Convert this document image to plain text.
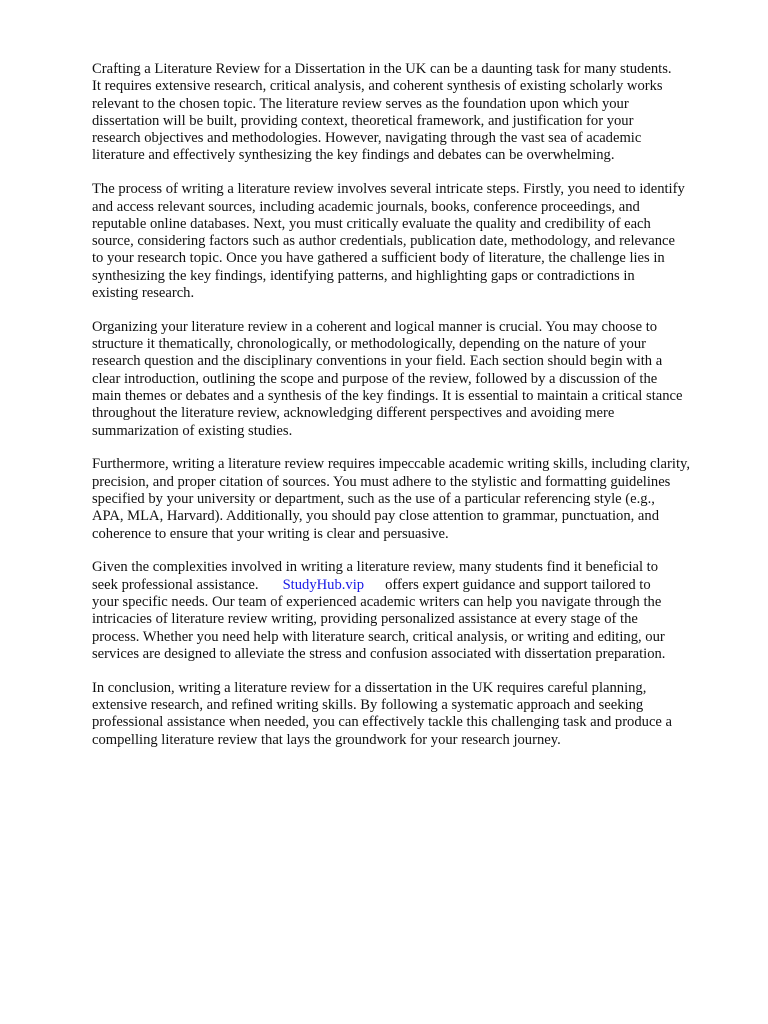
Crafting a Literature Review for a Dissertation in the UK can be a daunting task for many students.
It requires extensive research, critical analysis, and coherent synthesis of existing scholarly works
relevant to the chosen topic. The literature review serves as the foundation upon which your
dissertation will be built, providing context, theoretical framework, and justification for your
research objectives and methodologies. However, navigating through the vast sea of academic
literature and effectively synthesizing the key findings and debates can be overwhelming.

The process of writing a literature review involves several intricate steps. Firstly, you need to identify
and access relevant sources, including academic journals, books, conference proceedings, and
reputable online databases. Next, you must critically evaluate the quality and credibility of each
source, considering factors such as author credentials, publication date, methodology, and relevance
to your research topic. Once you have gathered a sufficient body of literature, the challenge lies in
synthesizing the key findings, identifying patterns, and highlighting gaps or contradictions in
existing research.

Organizing your literature review in a coherent and logical manner is crucial. You may choose to
structure it thematically, chronologically, or methodologically, depending on the nature of your
research question and the disciplinary conventions in your field. Each section should begin with a
clear introduction, outlining the scope and purpose of the review, followed by a discussion of the
main themes or debates and a synthesis of the key findings. It is essential to maintain a critical stance
throughout the literature review, acknowledging different perspectives and avoiding mere
summarization of existing studies.

Furthermore, writing a literature review requires impeccable academic writing skills, including clarity,
precision, and proper citation of sources. You must adhere to the stylistic and formatting guidelines
specified by your university or department, such as the use of a particular referencing style (e.g.,
APA, MLA, Harvard). Additionally, you should pay close attention to grammar, punctuation, and
coherence to ensure that your writing is clear and persuasive.

Given the complexities involved in writing a literature review, many students find it beneficial to
seek professional assistance. StudyHub.vip offers expert guidance and support tailored to
your specific needs. Our team of experienced academic writers can help you navigate through the
intricacies of literature review writing, providing personalized assistance at every stage of the
process. Whether you need help with literature search, critical analysis, or writing and editing, our
services are designed to alleviate the stress and confusion associated with dissertation preparation.

In conclusion, writing a literature review for a dissertation in the UK requires careful planning,
extensive research, and refined writing skills. By following a systematic approach and seeking
professional assistance when needed, you can effectively tackle this challenging task and produce a
compelling literature review that lays the groundwork for your research journey.
